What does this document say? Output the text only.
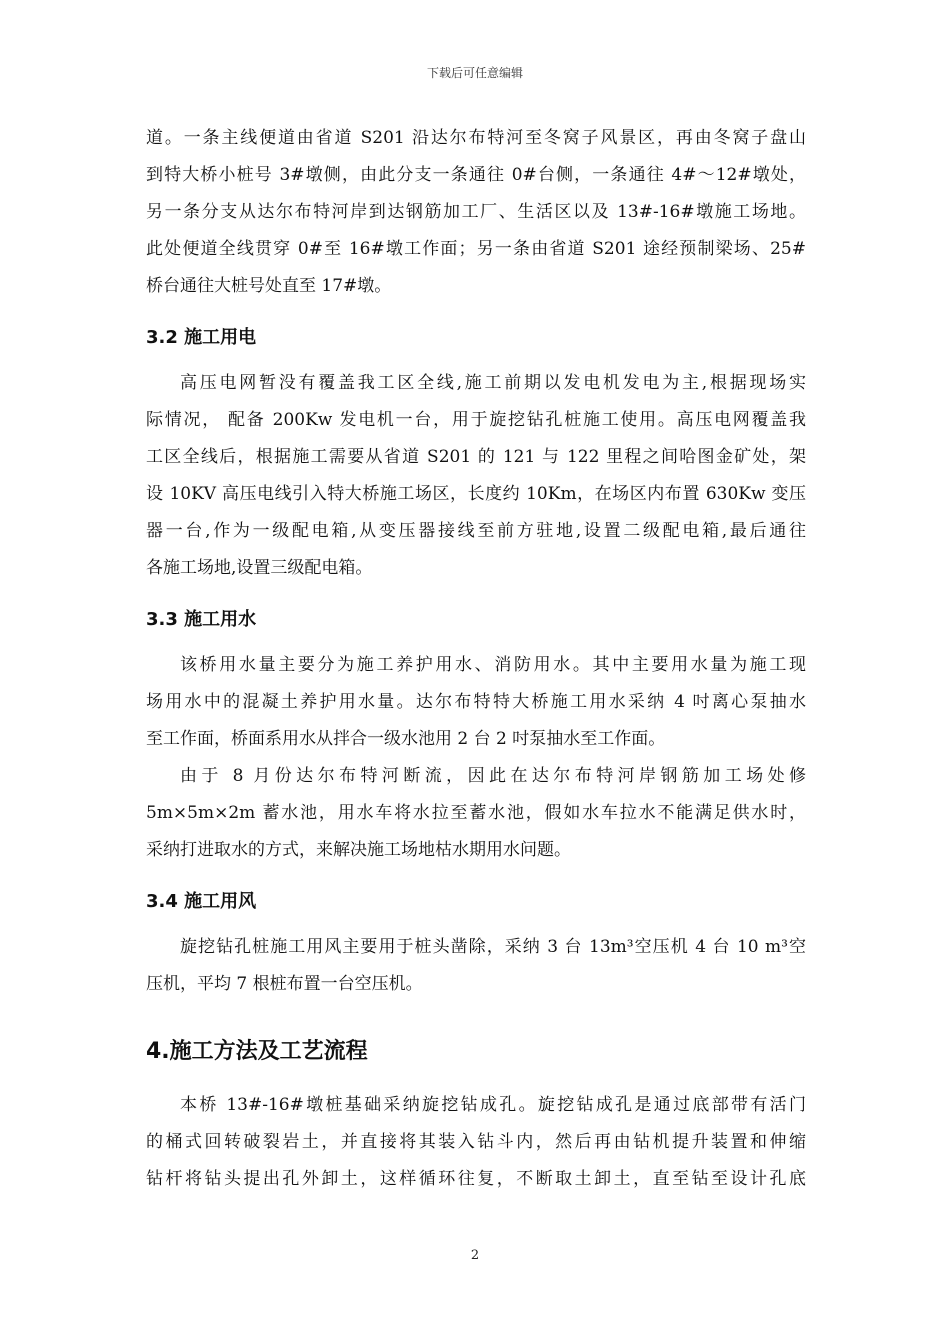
下载后可任意编辑
道。一条主线便道由省道 S201 沿达尔布特河至冬窝子风景区，再由冬窝子盘山
到特大桥小桩号 3#墩侧，由此分支一条通往 0#台侧，一条通往 4#～12#墩处，
另一条分支从达尔布特河岸到达钢筋加工厂、生活区以及 13#-16#墩施工场地。
此处便道全线贯穿 0#至 16#墩工作面；另一条由省道 S201 途经预制梁场、25#
桥台通往大桩号处直至 17#墩。
3.2 施工用电
高压电网暂没有覆盖我工区全线,施工前期以发电机发电为主,根据现场实
际情况， 配备 200Kw 发电机一台，用于旋挖钻孔桩施工使用。高压电网覆盖我
工区全线后，根据施工需要从省道 S201 的 121 与 122 里程之间哈图金矿处，架
设 10KV 高压电线引入特大桥施工场区，长度约 10Km，在场区内布置 630Kw 变压
器一台,作为一级配电箱,从变压器接线至前方驻地,设置二级配电箱,最后通往
各施工场地,设置三级配电箱。
3.3 施工用水
该桥用水量主要分为施工养护用水、消防用水。其中主要用水量为施工现
场用水中的混凝土养护用水量。达尔布特特大桥施工用水采纳 4 吋离心泵抽水
至工作面，桥面系用水从拌合一级水池用 2 台 2 吋泵抽水至工作面。
由于 8 月份达尔布特河断流，因此在达尔布特河岸钢筋加工场处修
5m×5m×2m 蓄水池，用水车将水拉至蓄水池，假如水车拉水不能满足供水时，
采纳打进取水的方式，来解决施工场地枯水期用水问题。
3.4 施工用风
旋挖钻孔桩施工用风主要用于桩头凿除，采纳 3 台 13m³空压机 4 台 10 m³空
压机，平均 7 根桩布置一台空压机。
4.施工方法及工艺流程
本桥 13#-16#墩桩基础采纳旋挖钻成孔。旋挖钻成孔是通过底部带有活门
的桶式回转破裂岩土，并直接将其装入钻斗内，然后再由钻机提升装置和伸缩
钻杆将钻头提出孔外卸土，这样循环往复，不断取土卸土，直至钻至设计孔底
2
